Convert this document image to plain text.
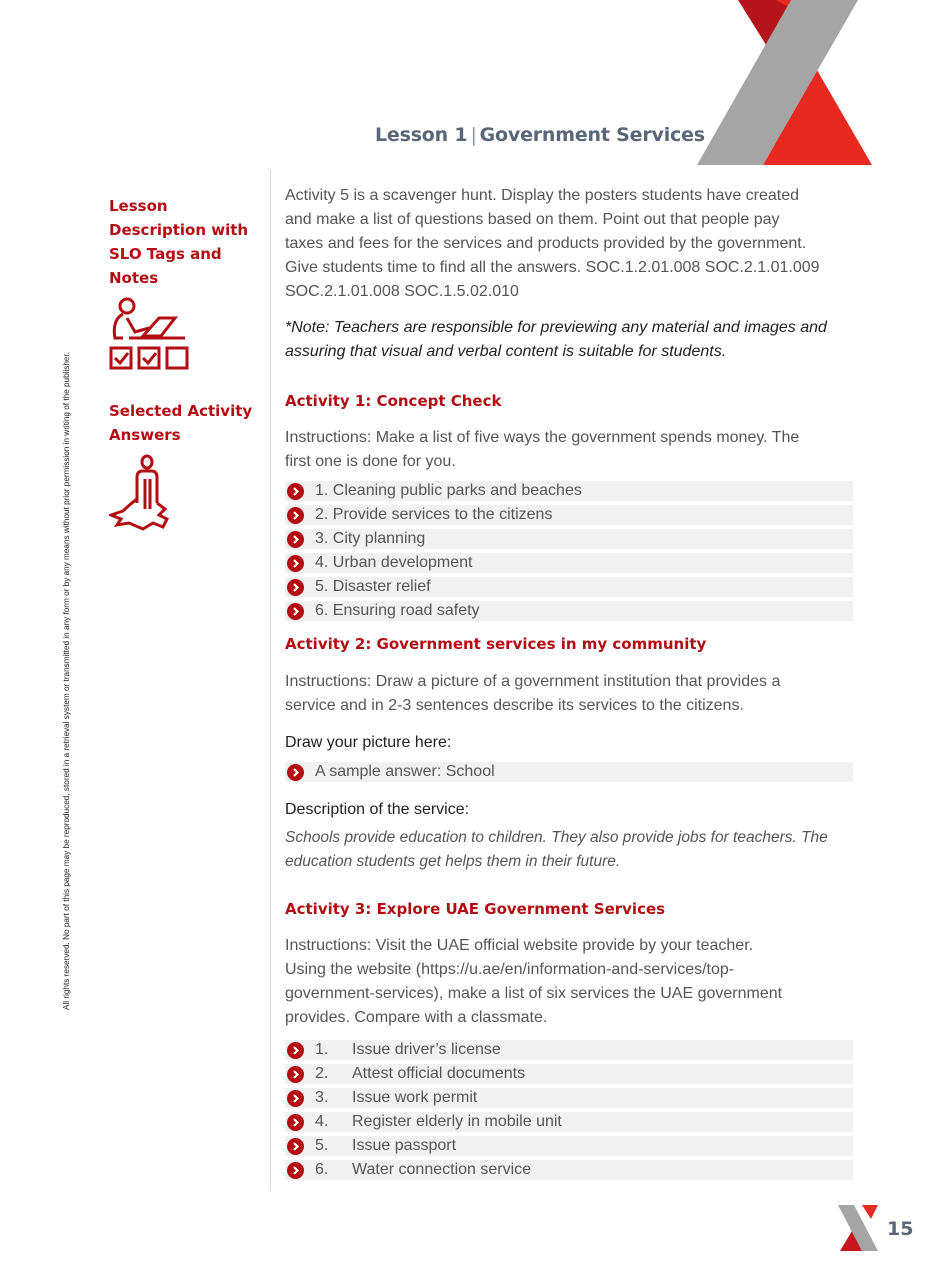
Lesson 1 | Government Services
All rights reserved. No part of this page may be reproduced, stored in a retrieval system or transmitted in any form or by any means without prior permission in writing of the publisher.
Lesson
Description with
SLO Tags and
Notes
Selected Activity
Answers
Activity 5 is a scavenger hunt. Display the posters students have created
and make a list of questions based on them. Point out that people pay
taxes and fees for the services and products provided by the government.
Give students time to find all the answers. SOC.1.2.01.008 SOC.2.1.01.009
SOC.2.1.01.008 SOC.1.5.02.010
*Note: Teachers are responsible for previewing any material and images and
assuring that visual and verbal content is suitable for students.
Activity 1: Concept Check
Instructions: Make a list of five ways the government spends money. The
first one is done for you.
1. Cleaning public parks and beaches
2. Provide services to the citizens
3. City planning
4. Urban development
5. Disaster relief
6. Ensuring road safety
Activity 2: Government services in my community
Instructions: Draw a picture of a government institution that provides a
service and in 2-3 sentences describe its services to the citizens.
Draw your picture here:
A sample answer: School
Description of the service:
Schools provide education to children. They also provide jobs for teachers. The
education students get helps them in their future.
Activity 3: Explore UAE Government Services
Instructions: Visit the UAE official website provide by your teacher.
Using the website (https://u.ae/en/information-and-services/top-
government-services), make a list of six services the UAE government
provides. Compare with a classmate.
1.	Issue driver’s license
2.	Attest official documents
3.	Issue work permit
4.	Register elderly in mobile unit
5.	Issue passport
6.	Water connection service
15
